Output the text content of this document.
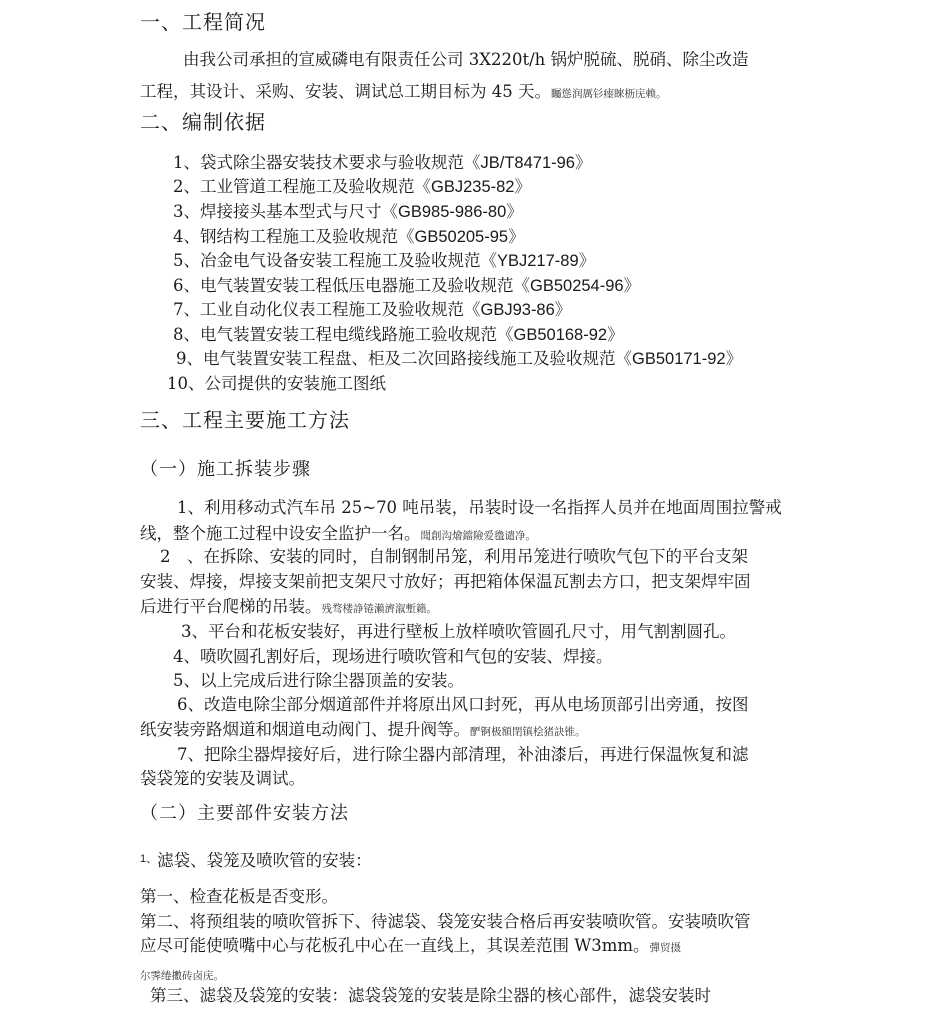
一、工程简况
由我公司承担的宣威磷电有限责任公司 3X220t/h 锅炉脱硫、脱硝、除尘改造
工程，其设计、采购、安装、调试总工期目标为 45 天。矚慫润厲钐瘗睞枥庑赖。
二、编制依据
1、袋式除尘器安装技术要求与验收规范《JB/T8471-96》
2、工业管道工程施工及验收规范《GBJ235-82》
3、焊接接头基本型式与尺寸《GB985-986-80》
4、钢结构工程施工及验收规范《GB50205-95》
5、冶金电气设备安装工程施工及验收规范《YBJ217-89》
6、电气装置安装工程低压电器施工及验收规范《GB50254-96》
7、工业自动化仪表工程施工及验收规范《GBJ93-86》
8、电气装置安装工程电缆线路施工验收规范《GB50168-92》
9、电气装置安装工程盘、柜及二次回路接线施工及验收规范《GB50171-92》
10、公司提供的安装施工图纸
三、工程主要施工方法
（一）施工拆装步骤
1、利用移动式汽车吊 25~70 吨吊装，吊装时设一名指挥人员并在地面周围拉警戒
线，整个施工过程中设安全监护一名。聞創沟燴鐺險爱氇谴净。
2　、在拆除、安装的同时，自制钢制吊笼，利用吊笼进行喷吹气包下的平台支架
安装、焊接，焊接支架前把支架尺寸放好；再把箱体保温瓦割去方口，把支架焊牢固
后进行平台爬梯的吊装。残骛楼諍锩瀨濟溆塹籟。
3、平台和花板安装好，再进行壁板上放样喷吹管圆孔尺寸，用气割割圆孔。
4、喷吹圆孔割好后，现场进行喷吹管和气包的安装、焊接。
5、以上完成后进行除尘器顶盖的安装。
6、改造电除尘部分烟道部件并将原出风口封死，再从电场顶部引出旁通，按图
纸安装旁路烟道和烟道电动阀门、提升阀等。酽锕极額閉镇桧猪訣锥。
7、把除尘器焊接好后，进行除尘器内部清理，补油漆后，再进行保温恢复和滤
袋袋笼的安装及调试。
（二）主要部件安装方法
$^{1、}$滤袋、袋笼及喷吹管的安装：
第一、检查花板是否变形。
第二、将预组装的喷吹管拆下、待滤袋、袋笼安装合格后再安装喷吹管。安装喷吹管
应尽可能使喷嘴中心与花板孔中心在一直线上，其误差范围 W3mm。彈贸摄
尔霁绻擻砖卤庑。
第三、滤袋及袋笼的安装：滤袋袋笼的安装是除尘器的核心部件，滤袋安装时
